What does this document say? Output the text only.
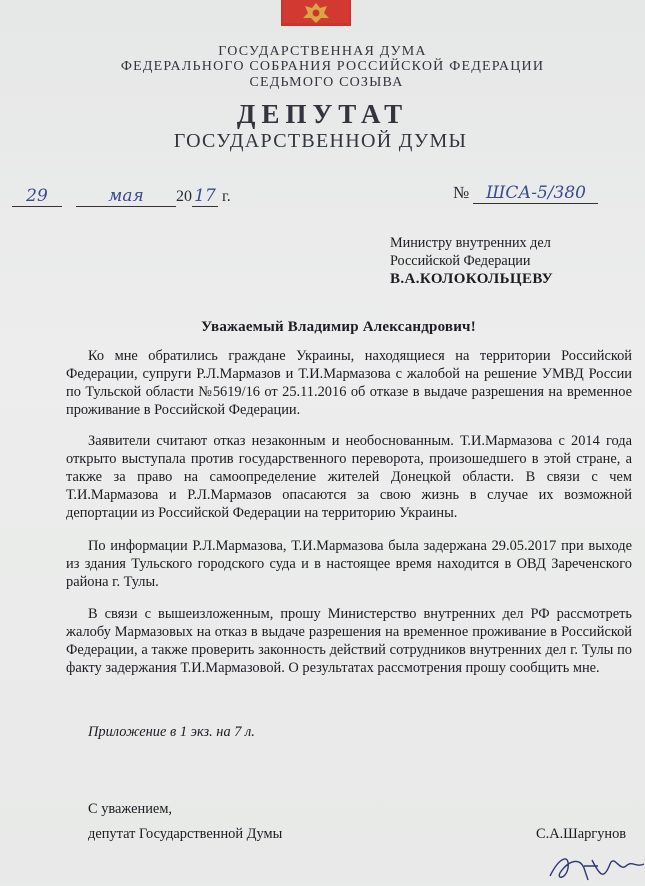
ГОСУДАРСТВЕННАЯ ДУМА
ФЕДЕРАЛЬНОГО СОБРАНИЯ РОССИЙСКОЙ ФЕДЕРАЦИИ
СЕДЬМОГО СОЗЫВА
ДЕПУТАТ
ГОСУДАРСТВЕННОЙ ДУМЫ
29	мая 20 17 г.	№ ШСА-5/380
Министру внутренних дел
Российской Федерации
В.А.КОЛОКОЛЬЦЕВУ
Уважаемый Владимир Александрович!
Ко мне обратились граждане Украины, находящиеся на территории Российской Федерации, супруги Р.Л.Мармазов и Т.И.Мармазова с жалобой на решение УМВД России по Тульской области №5619/16 от 25.11.2016 об отказе в выдаче разрешения на временное проживание в Российской Федерации.
Заявители считают отказ незаконным и необоснованным. Т.И.Мармазова с 2014 года открыто выступала против государственного переворота, произошедшего в этой стране, а также за право на самоопределение жителей Донецкой области. В связи с чем Т.И.Мармазова и Р.Л.Мармазов опасаются за свою жизнь в случае их возможной депортации из Российской Федерации на территорию Украины.
По информации Р.Л.Мармазова, Т.И.Мармазова была задержана 29.05.2017 при выходе из здания Тульского городского суда и в настоящее время находится в ОВД Зареченского района г. Тулы.
В связи с вышеизложенным, прошу Министерство внутренних дел РФ рассмотреть жалобу Мармазовых на отказ в выдаче разрешения на временное проживание в Российской Федерации, а также проверить законность действий сотрудников внутренних дел г. Тулы по факту задержания Т.И.Мармазовой. О результатах рассмотрения прошу сообщить мне.
Приложение в 1 экз. на 7 л.
С уважением,
депутат Государственной Думы	С.А.Шаргунов
